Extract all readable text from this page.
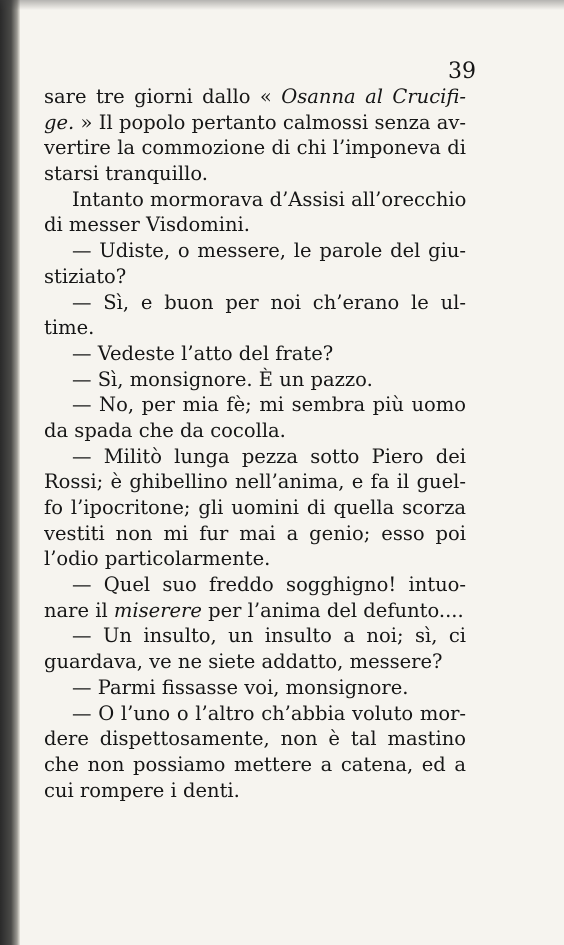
39
sare tre giorni dallo « Osanna al Crucifi-
ge. » Il popolo pertanto calmossi senza av-
vertire la commozione di chi l’imponeva di
starsi tranquillo.
Intanto mormorava d’Assisi all’orecchio
di messer Visdomini.
— Udiste, o messere, le parole del giu-
stiziato?
— Sì, e buon per noi ch’erano le ul-
time.
— Vedeste l’atto del frate?
— Sì, monsignore. È un pazzo.
— No, per mia fè; mi sembra più uomo
da spada che da cocolla.
— Militò lunga pezza sotto Piero dei
Rossi; è ghibellino nell’anima, e fa il guel-
fo l’ipocritone; gli uomini di quella scorza
vestiti non mi fur mai a genio; esso poi
l’odio particolarmente.
— Quel suo freddo sogghigno! intuo-
nare il miserere per l’anima del defunto....
— Un insulto, un insulto a noi; sì, ci
guardava, ve ne siete addatto, messere?
— Parmi fissasse voi, monsignore.
— O l’uno o l’altro ch’abbia voluto mor-
dere dispettosamente, non è tal mastino
che non possiamo mettere a catena, ed a
cui rompere i denti.
